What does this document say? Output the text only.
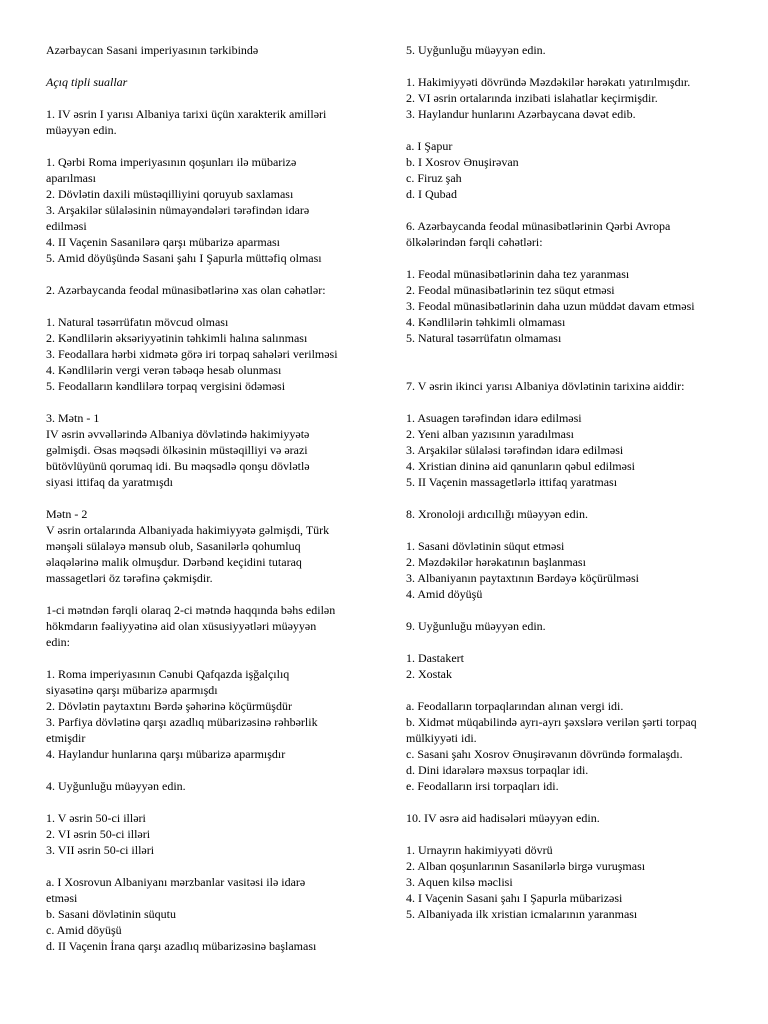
Azərbaycan Sasani imperiyasının tərkibində
Açıq tipli suallar
1. IV əsrin I yarısı Albaniya tarixi üçün xarakterik amilləri
müəyyən edin.
1. Qərbi Roma imperiyasının qoşunları ilə mübarizə
aparılması
2. Dövlətin daxili müstəqilliyini qoruyub saxlaması
3. Arşakilər sülaləsinin nümayəndələri tərəfindən idarə
edilməsi
4. II Vaçenin Sasanilərə qarşı mübarizə aparması
5. Amid döyüşündə Sasani şahı I Şapurla müttəfiq olması
2. Azərbaycanda feodal münasibətlərinə xas olan cəhətlər:
1. Natural təsərrüfatın mövcud olması
2. Kəndlilərin əksəriyyətinin təhkimli halına salınması
3. Feodallara hərbi xidmətə görə iri torpaq sahələri verilməsi
4. Kəndlilərin vergi verən təbəqə hesab olunması
5. Feodalların kəndlilərə torpaq vergisini ödəməsi
3. Mətn - 1
IV əsrin əvvəllərində Albaniya dövlətində hakimiyyətə
gəlmişdi. Əsas məqsədi ölkəsinin müstəqilliyi və ərazi
bütövlüyünü qorumaq idi. Bu məqsədlə qonşu dövlətlə
siyasi ittifaq da yaratmışdı
Mətn - 2
V əsrin ortalarında Albaniyada hakimiyyətə gəlmişdi, Türk
mənşəli sülaləyə mənsub olub, Sasanilərlə qohumluq
əlaqələrinə malik olmuşdur. Dərbənd keçidini tutaraq
massagetləri öz tərəfinə çəkmişdir.
1-ci mətndən fərqli olaraq 2-ci mətndə haqqında bəhs edilən
hökmdarın fəaliyyətinə aid olan xüsusiyyətləri müəyyən
edin:
1. Roma imperiyasının Cənubi Qafqazda işğalçılıq
siyasətinə qarşı mübarizə aparmışdı
2. Dövlətin paytaxtını Bərdə şəhərinə köçürmüşdür
3. Parfiya dövlətinə qarşı azadlıq mübarizəsinə rəhbərlik
etmişdir
4. Haylandur hunlarına qarşı mübarizə aparmışdır
4. Uyğunluğu müəyyən edin.
1. V əsrin 50-ci illəri
2. VI əsrin 50-ci illəri
3. VII əsrin 50-ci illəri
a. I Xosrovun Albaniyanı mərzbanlar vasitəsi ilə idarə
etməsi
b. Sasani dövlətinin süqutu
c. Amid döyüşü
d. II Vaçenin İrana qarşı azadlıq mübarizəsinə başlaması
5. Uyğunluğu müəyyən edin.
1. Hakimiyyəti dövründə Məzdəkilər hərəkatı yatırılmışdır.
2. VI əsrin ortalarında inzibati islahatlar keçirmişdir.
3. Haylandur hunlarını Azərbaycana dəvət edib.
a. I Şapur
b. I Xosrov Ənuşirəvan
c. Firuz şah
d. I Qubad
6. Azərbaycanda feodal münasibətlərinin Qərbi Avropa
ölkələrindən fərqli cəhətləri:
1. Feodal münasibətlərinin daha tez yaranması
2. Feodal münasibətlərinin tez süqut etməsi
3. Feodal münasibətlərinin daha uzun müddət davam etməsi
4. Kəndlilərin təhkimli olmaması
5. Natural təsərrüfatın olmaması
7. V əsrin ikinci yarısı Albaniya dövlətinin tarixinə aiddir:
1. Asuagen tərəfindən idarə edilməsi
2. Yeni alban yazısının yaradılması
3. Arşakilər sülaləsi tərəfindən idarə edilməsi
4. Xristian dininə aid qanunların qəbul edilməsi
5. II Vaçenin massagetlərlə ittifaq yaratması
8. Xronoloji ardıcıllığı müəyyən edin.
1. Sasani dövlətinin süqut etməsi
2. Məzdəkilər hərəkatının başlanması
3. Albaniyanın paytaxtının Bərdəyə köçürülməsi
4. Amid döyüşü
9. Uyğunluğu müəyyən edin.
1. Dastakert
2. Xostak
a. Feodalların torpaqlarından alınan vergi idi.
b. Xidmət müqabilində ayrı-ayrı şəxslərə verilən şərti torpaq
mülkiyyəti idi.
c. Sasani şahı Xosrov Ənuşirəvanın dövründə formalaşdı.
d. Dini idarələrə məxsus torpaqlar idi.
e. Feodalların irsi torpaqları idi.
10. IV əsrə aid hadisələri müəyyən edin.
1. Urnayrın hakimiyyəti dövrü
2. Alban qoşunlarının Sasanilərlə birgə vuruşması
3. Aquen kilsə məclisi
4. I Vaçenin Sasani şahı I Şapurla mübarizəsi
5. Albaniyada ilk xristian icmalarının yaranması
